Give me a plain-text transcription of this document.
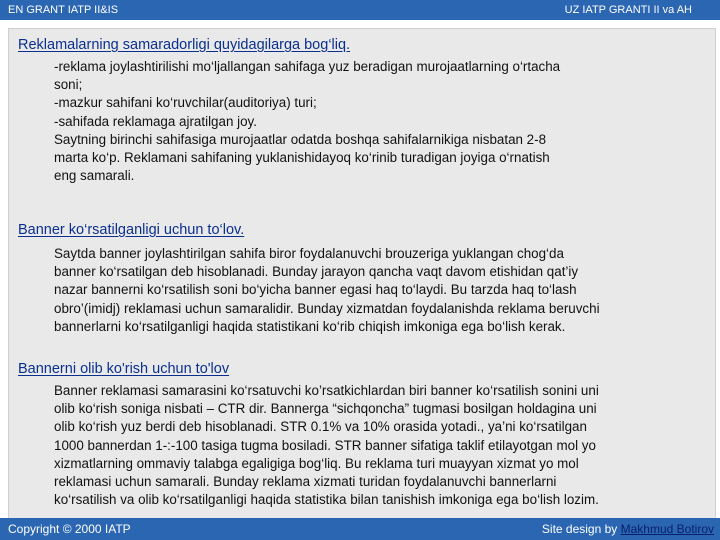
EN GRANT IATP II&IS	UZ IATP GRANTI II va AH
Reklamalarning samaradorligi quyidagilarga bog‘liq.
-reklama joylashtirilishi mo‘ljallangan sahifaga yuz beradigan murojaatlarning o‘rtacha
soni;
-mazkur sahifani ko‘ruvchilar(auditoriya) turi;
-sahifada reklamaga ajratilgan joy.
Saytning birinchi sahifasiga murojaatlar odatda boshqa sahifalarnikiga nisbatan 2-8
marta ko‘p. Reklamani sahifaning yuklanishidayoq ko‘rinib turadigan joyiga o‘rnatish
eng samarali.
Banner ko‘rsatilganligi uchun to‘lov.
Saytda banner joylashtirilgan sahifa biror foydalanuvchi brouzeriga yuklangan chog‘da
banner ko‘rsatilgan deb hisoblanadi. Bunday jarayon qancha vaqt davom etishidan qat’iy
nazar bannerni ko‘rsatilish soni bo‘yicha banner egasi haq to‘laydi. Bu tarzda haq to‘lash
obro’(imidj) reklamasi uchun samaralidir. Bunday xizmatdan foydalanishda reklama beruvchi
bannerlarni ko‘rsatilganligi haqida statistikani ko‘rib chiqish imkoniga ega bo‘lish kerak.
Bannerni olib ko'rish uchun to'lov
Banner reklamasi samarasini ko‘rsatuvchi ko’rsatkichlardan biri banner ko‘rsatilish sonini uni
olib ko‘rish soniga nisbati – CTR dir. Bannerga “sichqoncha” tugmasi bosilgan holdagina uni
olib ko‘rish yuz berdi deb hisoblanadi. STR 0.1% va 10% orasida yotadi., ya’ni ko‘rsatilgan
1000 bannerdan 1-:-100 tasiga tugma bosiladi. STR banner sifatiga taklif etilayotgan mol yo
xizmatlarning ommaviy talabga egaligiga bog‘liq. Bu reklama turi muayyan xizmat yo mol
reklamasi uchun samarali. Bunday reklama xizmati turidan foydalanuvchi bannerlarni
ko‘rsatilish va olib ko‘rsatilganligi haqida statistika bilan tanishish imkoniga ega bo‘lish lozim.
Copyright © 2000 IATP	Site design by Makhmud Botirov
